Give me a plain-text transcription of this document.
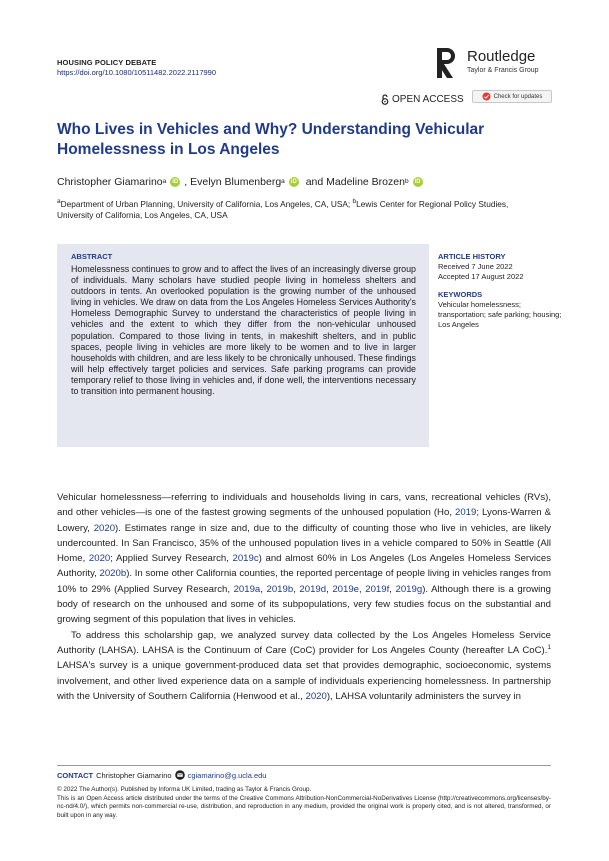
HOUSING POLICY DEBATE
https://doi.org/10.1080/10511482.2022.2117990
Routledge
Taylor & Francis Group
OPEN ACCESS	Check for updates
Who Lives in Vehicles and Why? Understanding Vehicular Homelessness in Los Angeles
Christopher Giamarino a	iD , Evelyn Blumenberg a	iD and Madeline Brozen b	iD
$^a$Department of Urban Planning, University of California, Los Angeles, CA, USA; $^b$Lewis Center for Regional Policy Studies, University of California, Los Angeles, CA, USA
ABSTRACT
Homelessness continues to grow and to affect the lives of an increasingly diverse group of individuals. Many scholars have studied people living in homeless shelters and outdoors in tents. An overlooked population is the growing number of the unhoused living in vehicles. We draw on data from the Los Angeles Homeless Services Authority's Homeless Demographic Survey to understand the characteristics of people living in vehicles and the extent to which they differ from the non-vehicular unhoused population. Compared to those living in tents, in makeshift shelters, and in public spaces, people living in vehicles are more likely to be women and to live in larger households with children, and are less likely to be chronically unhoused. These findings will help effectively target policies and services. Safe parking programs can provide temporary relief to those living in vehicles and, if done well, the interventions necessary to transition into permanent housing.
ARTICLE HISTORY
Received 7 June 2022
Accepted 17 August 2022
KEYWORDS
Vehicular homelessness; transportation; safe parking; housing; Los Angeles

Vehicular homelessness—referring to individuals and households living in cars, vans, recreational vehicles (RVs), and other vehicles—is one of the fastest growing segments of the unhoused population (Ho, 2019; Lyons-Warren & Lowery, 2020). Estimates range in size and, due to the difficulty of counting those who live in vehicles, are likely undercounted. In San Francisco, 35% of the unhoused population lives in a vehicle compared to 50% in Seattle (All Home, 2020; Applied Survey Research, 2019c) and almost 60% in Los Angeles (Los Angeles Homeless Services Authority, 2020b). In some other California counties, the reported percentage of people living in vehicles ranges from 10% to 29% (Applied Survey Research, 2019a, 2019b, 2019d, 2019e, 2019f, 2019g). Although there is a growing body of research on the unhoused and some of its subpopulations, very few studies focus on the substantial and growing segment of this population that lives in vehicles.

To address this scholarship gap, we analyzed survey data collected by the Los Angeles Homeless Service Authority (LAHSA). LAHSA is the Continuum of Care (CoC) provider for Los Angeles County (hereafter LA CoC).$^1$ LAHSA's survey is a unique government-produced data set that provides demographic, socioeconomic, systems involvement, and other lived experience data on a sample of individuals experiencing homelessness. In partnership with the University of Southern California (Henwood et al., 2020), LAHSA voluntarily administers the survey in

CONTACT Christopher Giamarino cgiamarino@g.ucla.edu
© 2022 The Author(s). Published by Informa UK Limited, trading as Taylor & Francis Group.
This is an Open Access article distributed under the terms of the Creative Commons Attribution-NonCommercial-NoDerivatives License (http://creativecommons.org/licenses/by-nc-nd/4.0/), which permits non-commercial re-use, distribution, and reproduction in any medium, provided the original work is properly cited, and is not altered, transformed, or built upon in any way.
